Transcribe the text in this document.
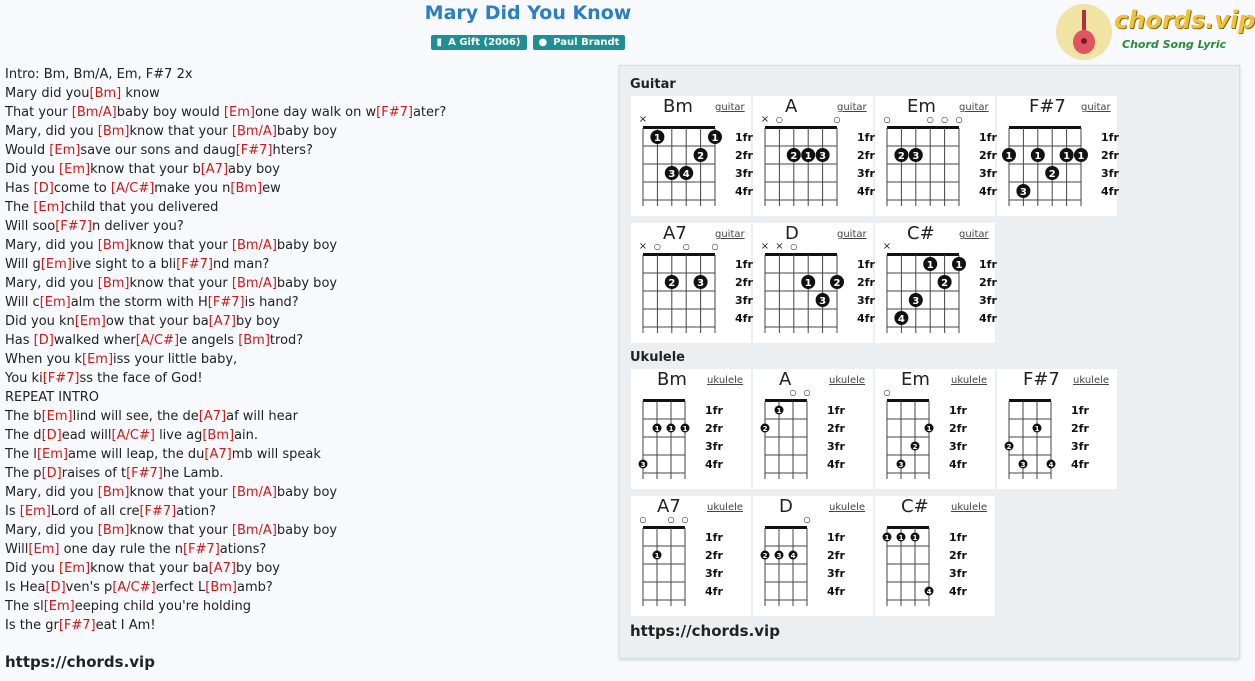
Mary Did You Know
▮ A Gift (2006) ● Paul Brandt
chords.vip
Chord Song Lyric
Intro: Bm, Bm/A, Em, F#7 2x
Mary did you[Bm] know
That your [Bm/A]baby boy would [Em]one day walk on w[F#7]ater?
Mary, did you [Bm]know that your [Bm/A]baby boy
Would [Em]save our sons and daug[F#7]hters?
Did you [Em]know that your b[A7]aby boy
Has [D]come to [A/C#]make you n[Bm]ew
The [Em]child that you delivered
Will soo[F#7]n deliver you?
Mary, did you [Bm]know that your [Bm/A]baby boy
Will g[Em]ive sight to a bli[F#7]nd man?
Mary, did you [Bm]know that your [Bm/A]baby boy
Will c[Em]alm the storm with H[F#7]is hand?
Did you kn[Em]ow that your ba[A7]by boy
Has [D]walked wher[A/C#]e angels [Bm]trod?
When you k[Em]iss your little baby,
You ki[F#7]ss the face of God!
REPEAT INTRO
The b[Em]lind will see, the de[A7]af will hear
The d[D]ead will[A/C#] live ag[Bm]ain.
The l[Em]ame will leap, the du[A7]mb will speak
The p[D]raises of t[F#7]he Lamb.
Mary, did you [Bm]know that your [Bm/A]baby boy
Is [Em]Lord of all cre[F#7]ation?
Mary, did you [Bm]know that your [Bm/A]baby boy
Will[Em] one day rule the n[F#7]ations?
Did you [Em]know that your ba[A7]by boy
Is Hea[D]ven's p[A/C#]erfect L[Bm]amb?
The sl[Em]eeping child you're holding
Is the gr[F#7]eat I Am!
https://chords.vip
Guitar
Ukulele
https://chords.vip
×
1fr
2fr
3fr
4fr
1	1
2
3 4
Bm guitar
× ○	○
1fr
2fr
3fr
4fr
2 1 3
A	guitar
○	○ ○ ○
1fr
2fr
3fr
4fr
2 3
Em guitar
1fr
2fr
3fr
4fr
1 1 1 1
2
3
F#7 guitar
× ○	○	○
1fr
2fr
3fr
4fr
2 3
A7	guitar
× × ○
1fr
2fr
3fr
4fr
1 2
3
D	guitar
×
1fr
2fr
3fr
4fr
1 1
2
3
4
C# guitar
1fr
2fr
3fr
4fr
1 1 1
3
Bm ukulele
○ ○
1fr
2fr
3fr
4fr
1
2
A	ukulele
○
1fr
2fr
3fr
4fr
1
2
3
Em ukulele
1fr
2fr
3fr
4fr
1
2
3	4
F#7 ukulele
○	○ ○
1fr
2fr
3fr
4fr
1
A7	ukulele
○
1fr
2fr
3fr
4fr
2 3 4
D	ukulele
1fr
2fr
3fr
4fr
1 1 1
4
C# ukulele
